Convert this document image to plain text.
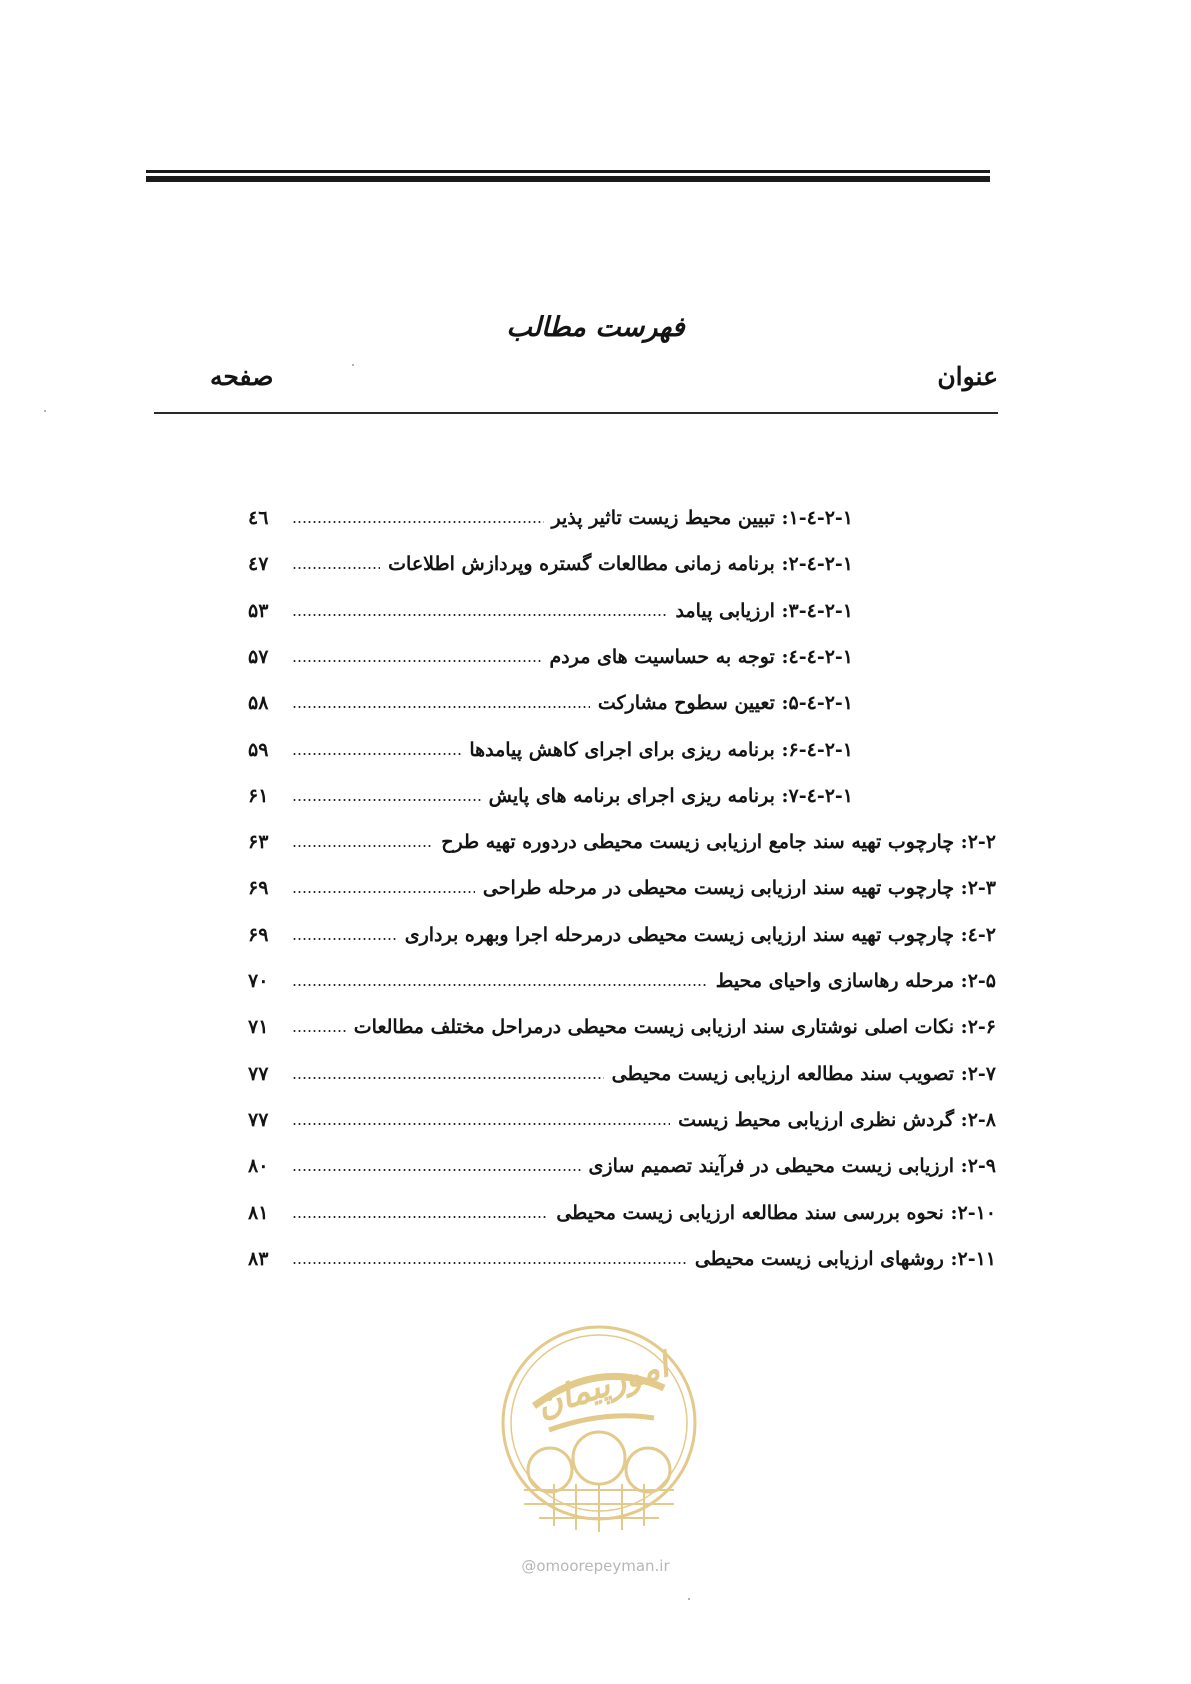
فهرست مطالب
عنوان
صفحه
۲-۱-٤-۱: تبیین محیط زیست تاثیر پذیر
٤٦
۲-۱-٤-۲: برنامه زمانی مطالعات گستره وپردازش اطلاعات
٤٧
۲-۱-٤-۳: ارزیابی پیامد
۵۳
۲-۱-٤-٤: توجه به حساسیت های مردم
۵۷
۲-۱-٤-۵: تعیین سطوح مشارکت
۵۸
۲-۱-٤-۶: برنامه ریزی برای اجرای کاهش پیامدها
۵۹
۲-۱-٤-۷: برنامه ریزی اجرای برنامه های پایش
۶۱
۲-۲: چارچوب تهیه سند جامع ارزیابی زیست محیطی دردوره تهیه طرح
۶۳
۲-۳: چارچوب تهیه سند ارزیابی زیست محیطی در مرحله طراحی
۶۹
۲-٤: چارچوب تهیه سند ارزیابی زیست محیطی درمرحله اجرا وبهره برداری
۶۹
۲-۵: مرحله رهاسازی واحیای محیط
۷۰
۲-۶: نکات اصلی نوشتاری سند ارزیابی زیست محیطی درمراحل مختلف مطالعات
۷۱
۲-۷: تصویب سند مطالعه ارزیابی زیست محیطی
۷۷
۲-۸: گردش نظری ارزیابی محیط زیست
۷۷
۲-۹: ارزیابی زیست محیطی در فرآیند تصمیم سازی
۸۰
۲-۱۰: نحوه بررسی سند مطالعه ارزیابی زیست محیطی
۸۱
۲-۱۱: روشهای ارزیابی زیست محیطی
۸۳
امورپیمان
@omoorepeyman.ir
